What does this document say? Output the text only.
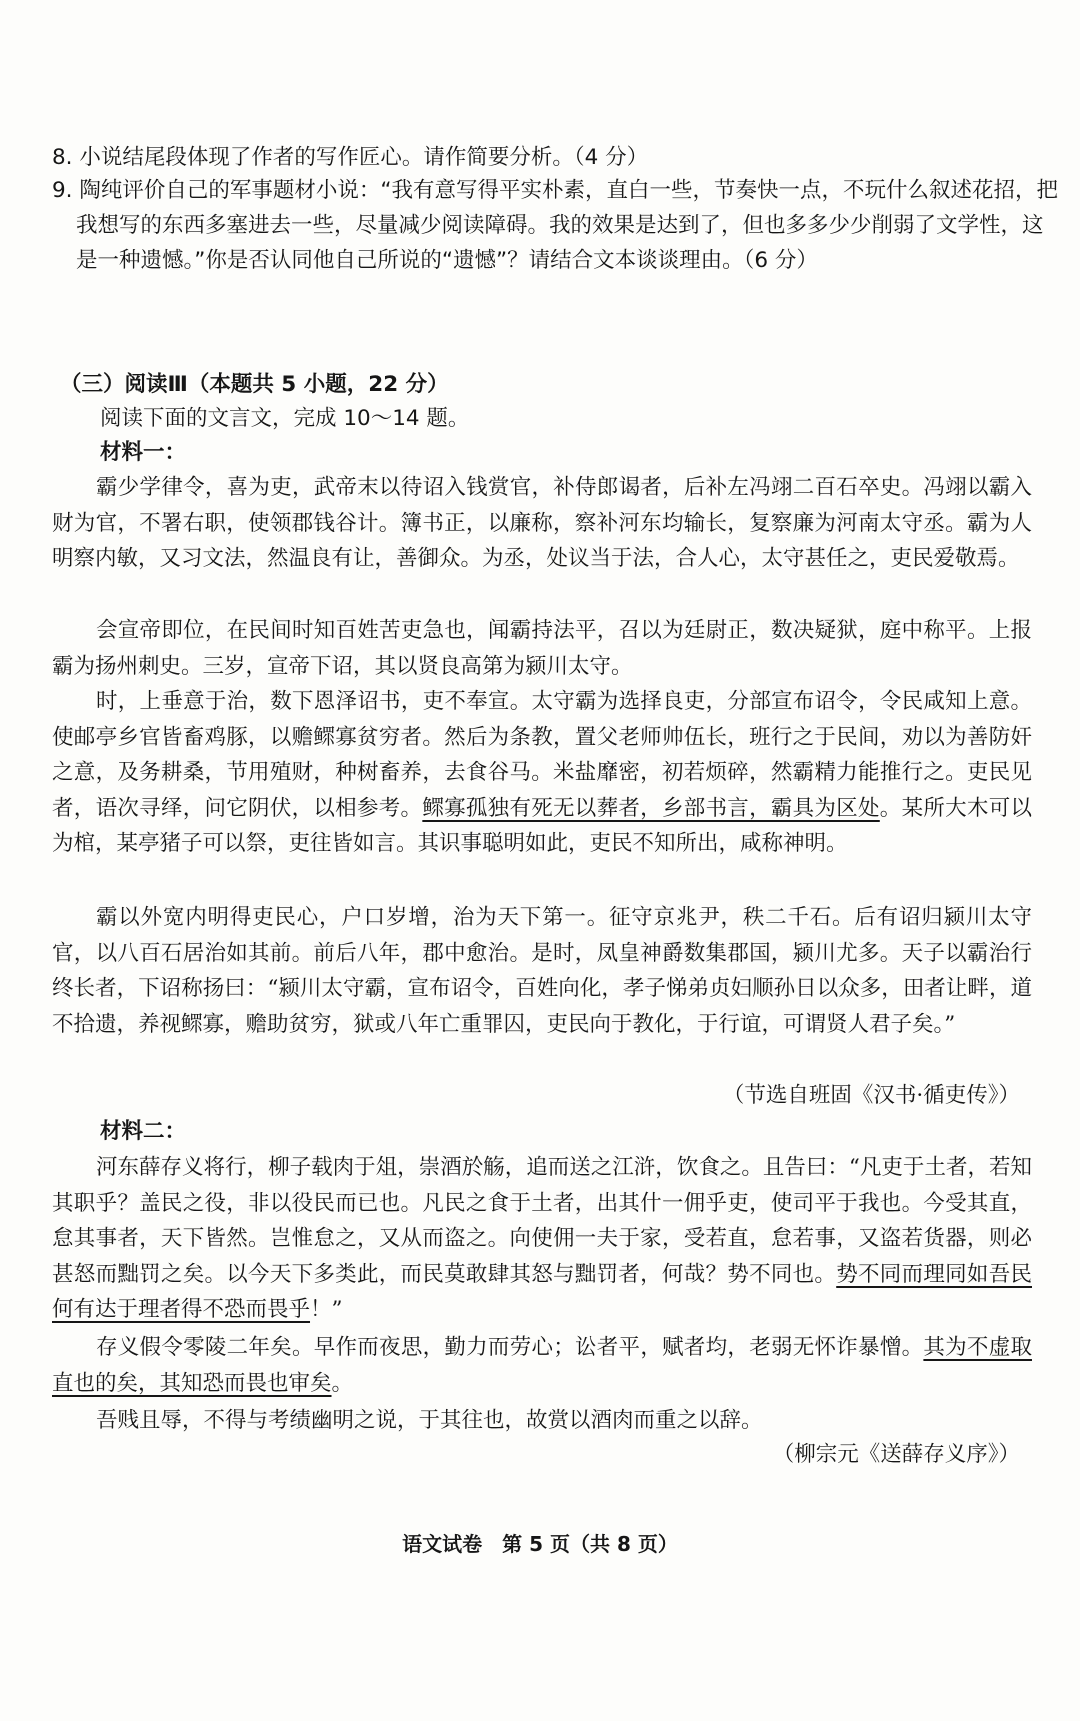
8. 小说结尾段体现了作者的写作匠心。请作简要分析。（4 分）

9. 陶纯评价自己的军事题材小说：“我有意写得平实朴素，直白一些，节奏快一点，不玩什么叙述花招，把我想写的东西多塞进去一些，尽量减少阅读障碍。我的效果是达到了，但也多多少少削弱了文学性，这是一种遗憾。”你是否认同他自己所说的“遗憾”？请结合文本谈谈理由。（6 分）

（三）阅读Ⅲ（本题共 5 小题，22 分）

阅读下面的文言文，完成 10～14 题。

材料一：

霸少学律令，喜为吏，武帝末以待诏入钱赏官，补侍郎谒者，后补左冯翊二百石卒史。冯翊以霸入财为官，不署右职，使领郡钱谷计。簿书正，以廉称，察补河东均输长，复察廉为河南太守丞。霸为人明察内敏，又习文法，然温良有让，善御众。为丞，处议当于法，合人心，太守甚任之，吏民爱敬焉。

会宣帝即位，在民间时知百姓苦吏急也，闻霸持法平，召以为廷尉正，数决疑狱，庭中称平。上报霸为扬州刺史。三岁，宣帝下诏，其以贤良高第为颍川太守。

时，上垂意于治，数下恩泽诏书，吏不奉宣。太守霸为选择良吏，分部宣布诏令，令民咸知上意。使邮亭乡官皆畜鸡豚，以赡鳏寡贫穷者。然后为条教，置父老师帅伍长，班行之于民间，劝以为善防奸之意，及务耕桑，节用殖财，种树畜养，去食谷马。米盐靡密，初若烦碎，然霸精力能推行之。吏民见者，语次寻绎，问它阴伏，以相参考。鳏寡孤独有死无以葬者，乡部书言，霸具为区处。某所大木可以为棺，某亭猪子可以祭，吏往皆如言。其识事聪明如此，吏民不知所出，咸称神明。

霸以外宽内明得吏民心，户口岁增，治为天下第一。征守京兆尹，秩二千石。后有诏归颍川太守官，以八百石居治如其前。前后八年，郡中愈治。是时，凤皇神爵数集郡国，颍川尤多。天子以霸治行终长者，下诏称扬曰：“颍川太守霸，宣布诏令，百姓向化，孝子悌弟贞妇顺孙日以众多，田者让畔，道不拾遗，养视鳏寡，赡助贫穷，狱或八年亡重罪囚，吏民向于教化，于行谊，可谓贤人君子矣。”

（节选自班固《汉书·循吏传》）

材料二：

河东薛存义将行，柳子载肉于俎，崇酒於觞，追而送之江浒，饮食之。且告曰：“凡吏于土者，若知其职乎？盖民之役，非以役民而已也。凡民之食于土者，出其什一佣乎吏，使司平于我也。今受其直，怠其事者，天下皆然。岂惟怠之，又从而盗之。向使佣一夫于家，受若直，怠若事，又盗若货器，则必甚怒而黜罚之矣。以今天下多类此，而民莫敢肆其怒与黜罚者，何哉？势不同也。势不同而理同如吾民何有达于理者得不恐而畏乎！”

存义假令零陵二年矣。早作而夜思，勤力而劳心；讼者平，赋者均，老弱无怀诈暴憎。其为不虚取直也的矣，其知恐而畏也审矣。

吾贱且辱，不得与考绩幽明之说，于其往也，故赏以酒肉而重之以辞。

（柳宗元《送薛存义序》）

语文试卷　第 5 页（共 8 页）
